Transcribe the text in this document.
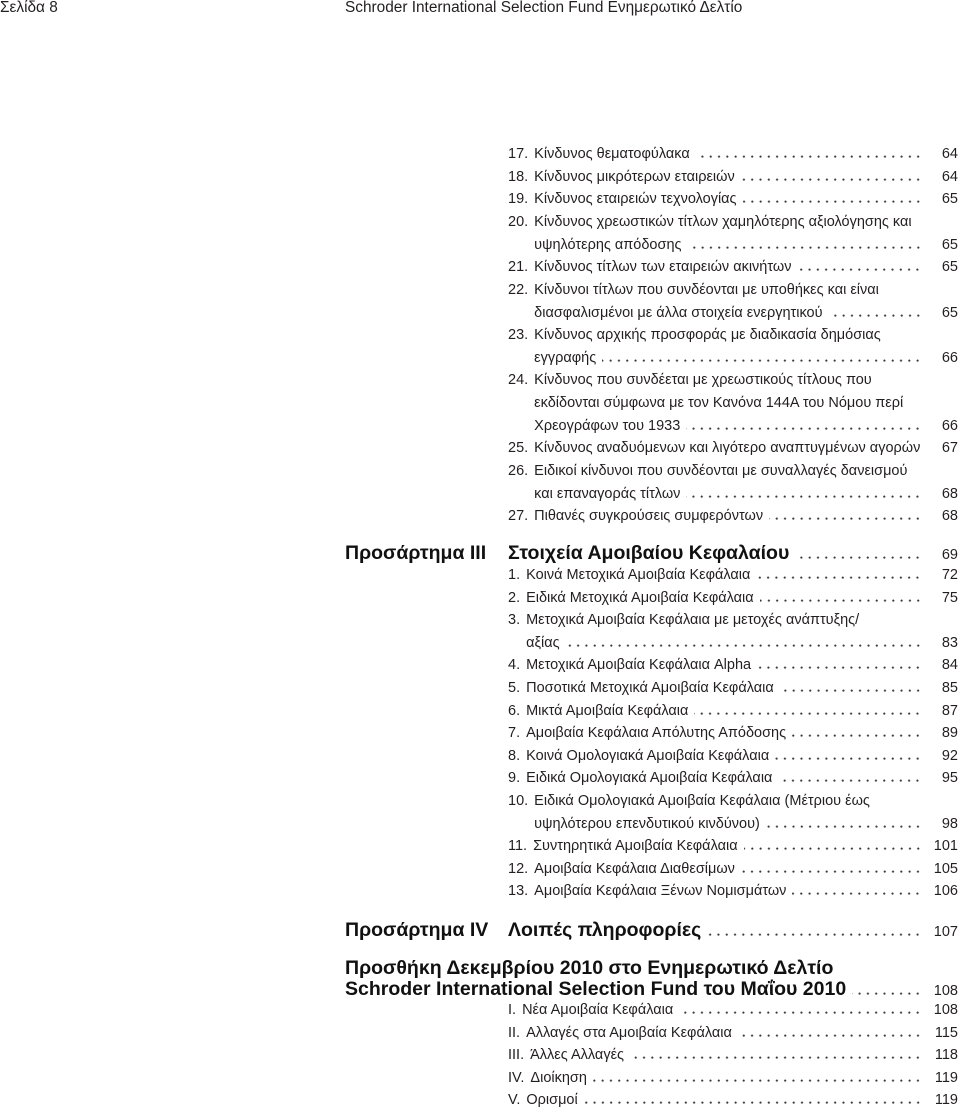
Σελίδα 8	Schroder International Selection Fund Ενημερωτικό Δελτίο
17. Κίνδυνος θεματοφύλακα	64
18. Κίνδυνος μικρότερων εταιρειών	64
19. Κίνδυνος εταιρειών τεχνολογίας	65
20. Κίνδυνος χρεωστικών τίτλων χαμηλότερης αξιολόγησης και
υψηλότερης απόδοσης	65
21. Κίνδυνος τίτλων των εταιρειών ακινήτων	65
22. Κίνδυνοι τίτλων που συνδέονται με υποθήκες και είναι
διασφαλισμένοι με άλλα στοιχεία ενεργητικού	65
23. Κίνδυνος αρχικής προσφοράς με διαδικασία δημόσιας
εγγραφής	66
24. Κίνδυνος που συνδέεται με χρεωστικούς τίτλους που
εκδίδονται σύμφωνα με τον Κανόνα 144Α του Νόμου περί
Χρεογράφων του 1933	66
25. Κίνδυνος αναδυόμενων και λιγότερο αναπτυγμένων αγορών	67
26. Ειδικοί κίνδυνοι που συνδέονται με συναλλαγές δανεισμού
και επαναγοράς τίτλων	68
27. Πιθανές συγκρούσεις συμφερόντων	68
Προσάρτημα III	Στοιχεία Αμοιβαίου Κεφαλαίου	69
1. Κοινά Μετοχικά Αμοιβαία Κεφάλαια	72
2. Ειδικά Μετοχικά Αμοιβαία Κεφάλαια	75
3. Μετοχικά Αμοιβαία Κεφάλαια με μετοχές ανάπτυξης/
αξίας	83
4. Μετοχικά Αμοιβαία Κεφάλαια Alpha	84
5. Ποσοτικά Μετοχικά Αμοιβαία Κεφάλαια	85
6. Μικτά Αμοιβαία Κεφάλαια	87
7. Αμοιβαία Κεφάλαια Απόλυτης Απόδοσης	89
8. Κοινά Ομολογιακά Αμοιβαία Κεφάλαια	92
9. Ειδικά Ομολογιακά Αμοιβαία Κεφάλαια	95
10. Ειδικά Ομολογιακά Αμοιβαία Κεφάλαια (Μέτριου έως
υψηλότερου επενδυτικού κινδύνου)	98
11. Συντηρητικά Αμοιβαία Κεφάλαια	101
12. Αμοιβαία Κεφάλαια Διαθεσίμων	105
13. Αμοιβαία Κεφάλαια Ξένων Νομισμάτων	106
Προσάρτημα IV	Λοιπές πληροφορίες	107
Προσθήκη Δεκεμβρίου 2010 στο Ενημερωτικό Δελτίο
Schroder International Selection Fund του Μαΐου 2010	108
I. Νέα Αμοιβαία Κεφάλαια	108
II. Αλλαγές στα Αμοιβαία Κεφάλαια	115
III. Άλλες Αλλαγές	118
IV. Διοίκηση	119
V. Ορισμοί	119
